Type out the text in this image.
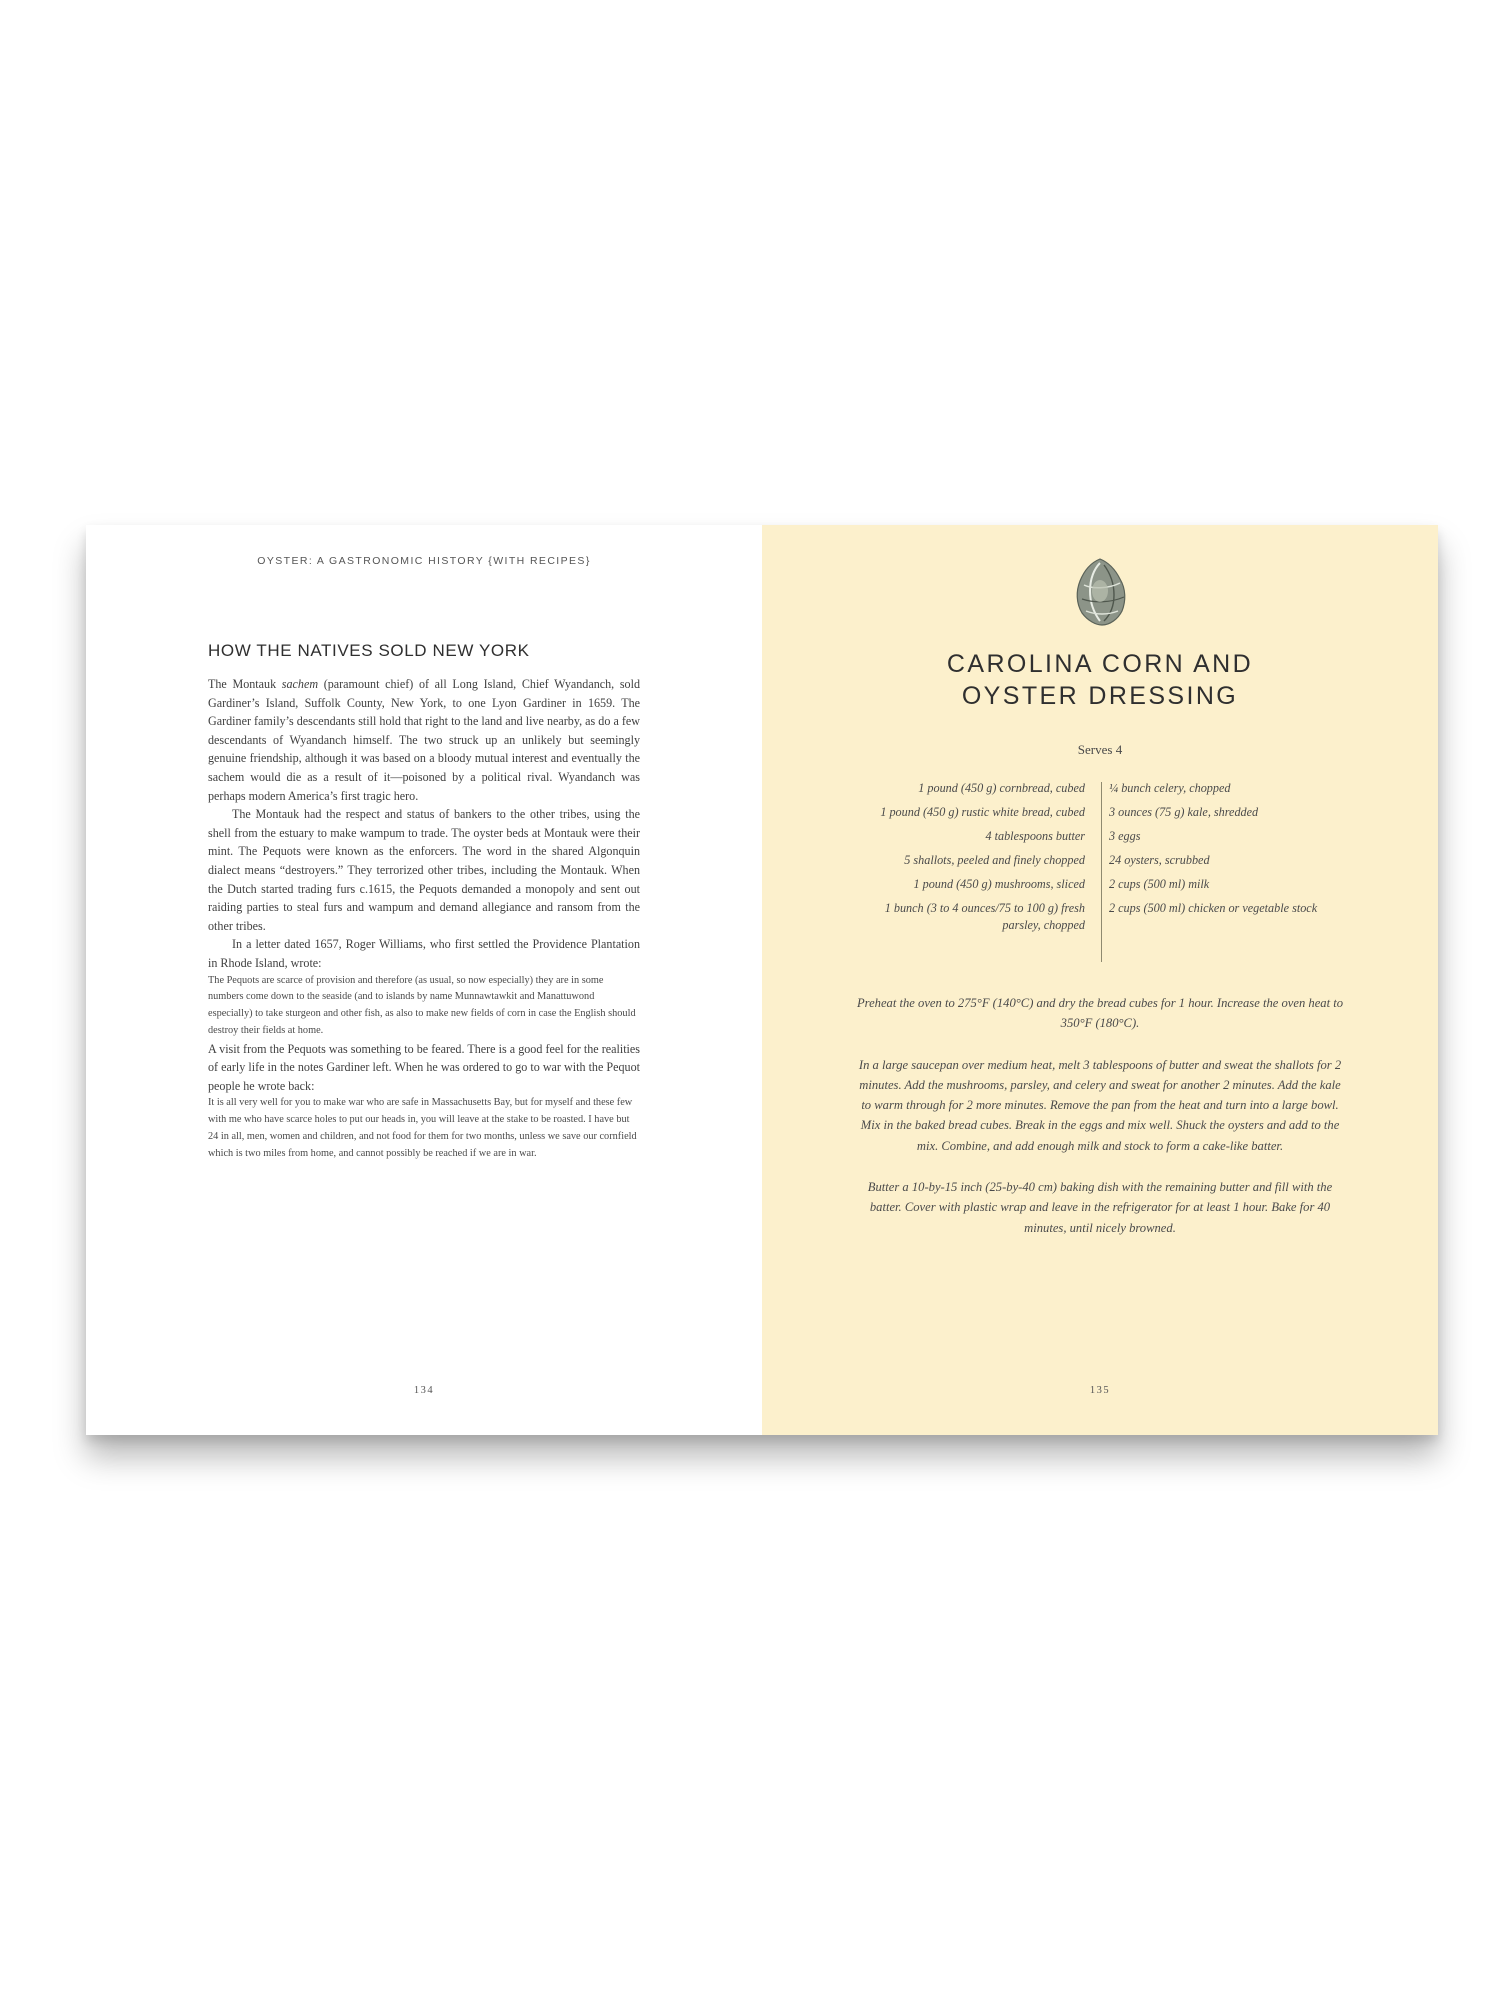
OYSTER: A GASTRONOMIC HISTORY {WITH RECIPES}
HOW THE NATIVES SOLD NEW YORK

The Montauk sachem (paramount chief) of all Long Island, Chief Wyandanch, sold Gardiner’s Island, Suffolk County, New York, to one Lyon Gardiner in 1659. The Gardiner family’s descendants still hold that right to the land and live nearby, as do a few descendants of Wyandanch himself. The two struck up an unlikely but seemingly genuine friendship, although it was based on a bloody mutual interest and eventually the sachem would die as a result of it—poisoned by a political rival. Wyandanch was perhaps modern America’s first tragic hero.

The Montauk had the respect and status of bankers to the other tribes, using the shell from the estuary to make wampum to trade. The oyster beds at Montauk were their mint. The Pequots were known as the enforcers. The word in the shared Algonquin dialect means “destroyers.” They terrorized other tribes, including the Montauk. When the Dutch started trading furs c.1615, the Pequots demanded a monopoly and sent out raiding parties to steal furs and wampum and demand allegiance and ransom from the other tribes.

In a letter dated 1657, Roger Williams, who first settled the Providence Plantation in Rhode Island, wrote:

The Pequots are scarce of provision and therefore (as usual, so now especially) they are in some numbers come down to the seaside (and to islands by name Munnawtawkit and Manattuwond especially) to take sturgeon and other fish, as also to make new fields of corn in case the English should destroy their fields at home.

A visit from the Pequots was something to be feared. There is a good feel for the realities of early life in the notes Gardiner left. When he was ordered to go to war with the Pequot people he wrote back:

It is all very well for you to make war who are safe in Massachusetts Bay, but for myself and these few with me who have scarce holes to put our heads in, you will leave at the stake to be roasted. I have but 24 in all, men, women and children, and not food for them for two months, unless we save our cornfield which is two miles from home, and cannot possibly be reached if we are in war.

134
CAROLINA CORN AND
OYSTER DRESSING
Serves 4
1 pound (450 g) cornbread, cubed
1 pound (450 g) rustic white bread, cubed
4 tablespoons butter
5 shallots, peeled and finely chopped
1 pound (450 g) mushrooms, sliced
1 bunch (3 to 4 ounces/75 to 100 g) fresh parsley, chopped
¼ bunch celery, chopped
3 ounces (75 g) kale, shredded
3 eggs
24 oysters, scrubbed
2 cups (500 ml) milk
2 cups (500 ml) chicken or vegetable stock

Preheat the oven to 275°F (140°C) and dry the bread cubes for 1 hour. Increase the oven heat to 350°F (180°C).

In a large saucepan over medium heat, melt 3 tablespoons of butter and sweat the shallots for 2 minutes. Add the mushrooms, parsley, and celery and sweat for another 2 minutes. Add the kale to warm through for 2 more minutes. Remove the pan from the heat and turn into a large bowl. Mix in the baked bread cubes. Break in the eggs and mix well. Shuck the oysters and add to the mix. Combine, and add enough milk and stock to form a cake-like batter.

Butter a 10-by-15 inch (25-by-40 cm) baking dish with the remaining butter and fill with the batter. Cover with plastic wrap and leave in the refrigerator for at least 1 hour. Bake for 40 minutes, until nicely browned.

135
